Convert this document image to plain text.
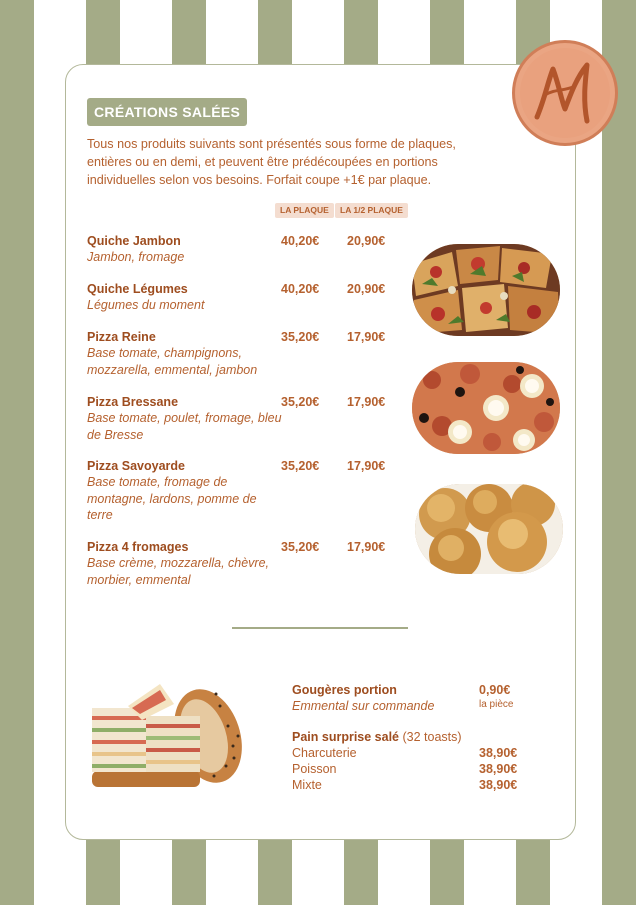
CRÉATIONS SALÉES
Tous nos produits suivants sont présentés sous forme de plaques, entières ou en demi, et peuvent être prédécoupées en portions individuelles selon vos besoins. Forfait coupe +1€ par plaque.
LA PLAQUE	LA 1/2 PLAQUE
Quiche Jambon
Jambon, fromage
40,20€ 20,90€
Quiche Légumes
Légumes du moment
40,20€ 20,90€
Pizza Reine
Base tomate, champignons, mozzarella, emmental, jambon
35,20€ 17,90€
Pizza Bressane
Base tomate, poulet, fromage, bleu de Bresse
35,20€ 17,90€
Pizza Savoyarde
Base tomate, fromage de montagne, lardons, pomme de terre
35,20€ 17,90€
Pizza 4 fromages
Base crème, mozzarella, chèvre, morbier, emmental
35,20€ 17,90€
Gougères portion
Emmental sur commande
0,90€
la pièce
Pain surprise salé (32 toasts)
Charcuterie	38,90€
Poisson	38,90€
Mixte	38,90€
